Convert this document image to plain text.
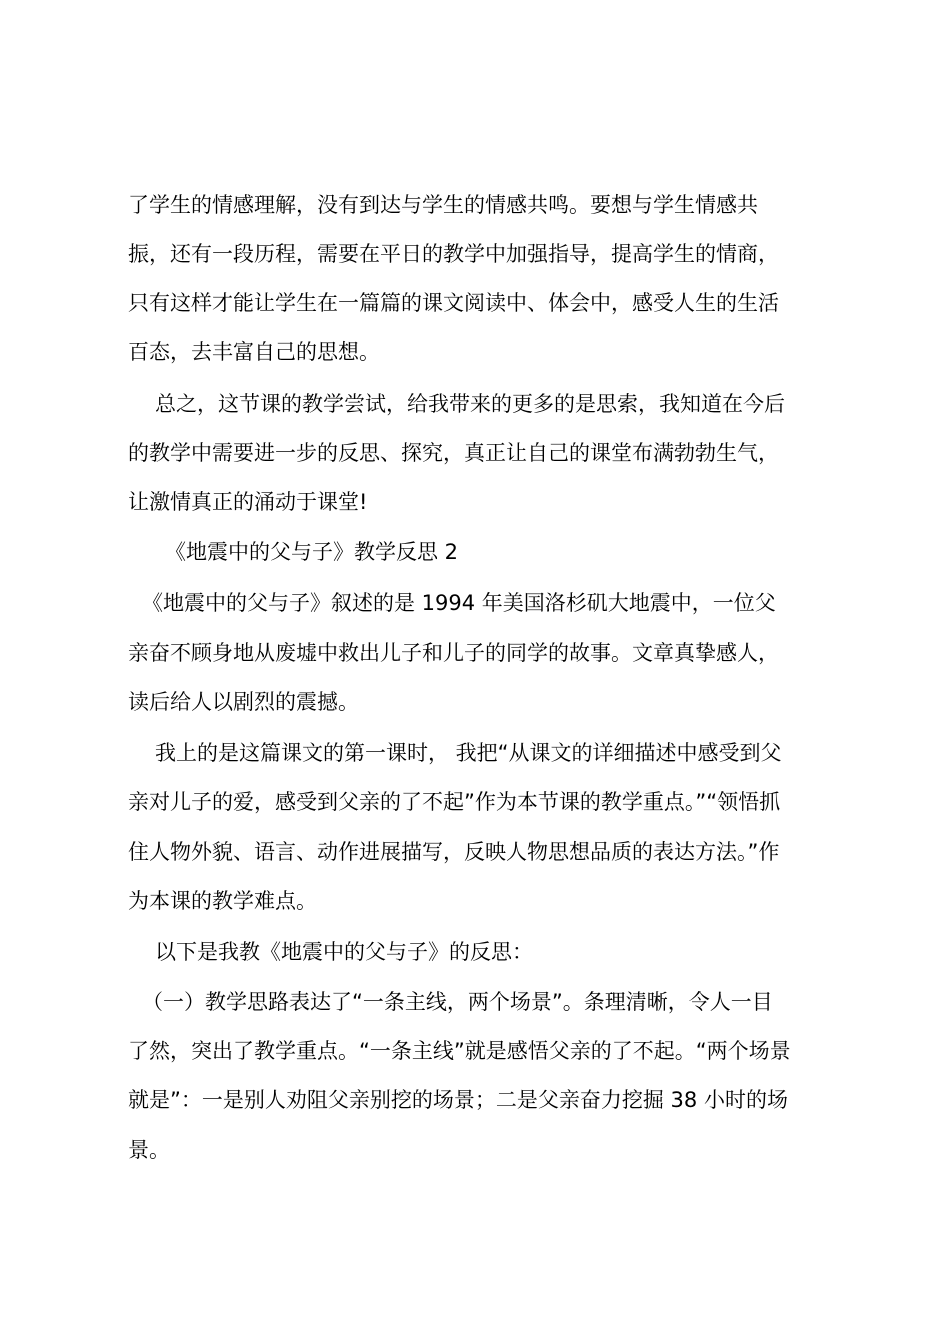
了学生的情感理解，没有到达与学生的情感共鸣。要想与学生情感共
振，还有一段历程，需要在平日的教学中加强指导，提高学生的情商，
只有这样才能让学生在一篇篇的课文阅读中、体会中，感受人生的生活
百态，去丰富自己的思想。
总之，这节课的教学尝试，给我带来的更多的是思索，我知道在今后
的教学中需要进一步的反思、探究，真正让自己的课堂布满勃勃生气，
让激情真正的涌动于课堂!
《地震中的父与子》教学反思 2
《地震中的父与子》叙述的是 1994 年美国洛杉矶大地震中，一位父
亲奋不顾身地从废墟中救出儿子和儿子的同学的故事。文章真挚感人，
读后给人以剧烈的震撼。
我上的是这篇课文的第一课时， 我把“从课文的详细描述中感受到父
亲对儿子的爱，感受到父亲的了不起”作为本节课的教学重点。”“领悟抓
住人物外貌、语言、动作进展描写，反映人物思想品质的表达方法。”作
为本课的教学难点。
以下是我教《地震中的父与子》的反思：
（一）教学思路表达了“一条主线，两个场景”。条理清晰，令人一目
了然，突出了教学重点。“一条主线”就是感悟父亲的了不起。“两个场景
就是”：一是别人劝阻父亲别挖的场景；二是父亲奋力挖掘 38 小时的场
景。
